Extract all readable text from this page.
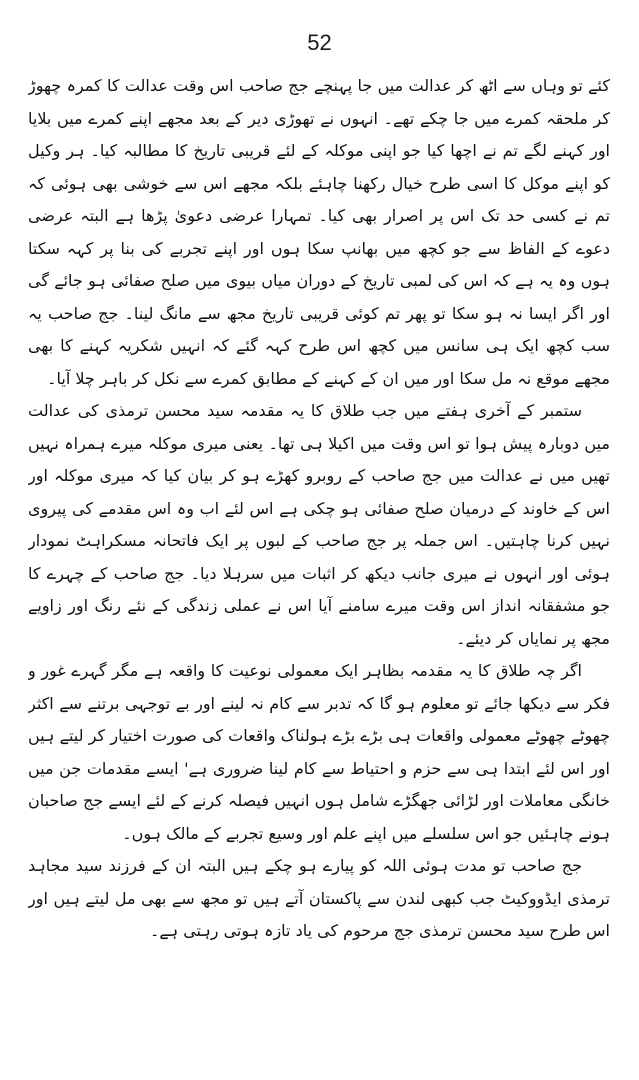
52

کئے تو وہاں سے اٹھ کر عدالت میں جا پہنچے جج صاحب اس وقت عدالت کا کمرہ چھوڑ کر ملحقہ کمرے میں جا چکے تھے۔ انہوں نے تھوڑی دیر کے بعد مجھے اپنے کمرے میں بلایا اور کہنے لگے تم نے اچھا کیا جو اپنی موکلہ کے لئے قریبی تاریخ کا مطالبہ کیا۔ ہر وکیل کو اپنے موکل کا اسی طرح خیال رکھنا چاہئے بلکہ مجھے اس سے خوشی بھی ہوئی کہ تم نے کسی حد تک اس پر اصرار بھی کیا۔ تمہارا عرضی دعویٰ پڑھا ہے البتہ عرضی دعوے کے الفاظ سے جو کچھ میں بھانپ سکا ہوں اور اپنے تجربے کی بنا پر کہہ سکتا ہوں وہ یہ ہے کہ اس کی لمبی تاریخ کے دوران میاں بیوی میں صلح صفائی ہو جائے گی اور اگر ایسا نہ ہو سکا تو پھر تم کوئی قریبی تاریخ مجھ سے مانگ لینا۔ جج صاحب یہ سب کچھ ایک ہی سانس میں کچھ اس طرح کہہ گئے کہ انہیں شکریہ کہنے کا بھی مجھے موقع نہ مل سکا اور میں ان کے کہنے کے مطابق کمرے سے نکل کر باہر چلا آیا۔

ستمبر کے آخری ہفتے میں جب طلاق کا یہ مقدمہ سید محسن ترمذی کی عدالت میں دوبارہ پیش ہوا تو اس وقت میں اکیلا ہی تھا۔ یعنی میری موکلہ میرے ہمراہ نہیں تھیں میں نے عدالت میں جج صاحب کے روبرو کھڑے ہو کر بیان کیا کہ میری موکلہ اور اس کے خاوند کے درمیان صلح صفائی ہو چکی ہے اس لئے اب وہ اس مقدمے کی پیروی نہیں کرنا چاہتیں۔ اس جملہ پر جج صاحب کے لبوں پر ایک فاتحانہ مسکراہٹ نمودار ہوئی اور انہوں نے میری جانب دیکھ کر اثبات میں سرہلا دیا۔ جج صاحب کے چہرے کا جو مشفقانہ انداز اس وقت میرے سامنے آیا اس نے عملی زندگی کے نئے رنگ اور زاویے مجھ پر نمایاں کر دیئے۔

اگر چہ طلاق کا یہ مقدمہ بظاہر ایک معمولی نوعیت کا واقعہ ہے مگر گہرے غور و فکر سے دیکھا جائے تو معلوم ہو گا کہ تدبر سے کام نہ لینے اور بے توجہی برتنے سے اکثر چھوٹے چھوٹے معمولی واقعات ہی بڑے بڑے ہولناک واقعات کی صورت اختیار کر لیتے ہیں اور اس لئے ابتدا ہی سے حزم و احتیاط سے کام لینا ضروری ہے' ایسے مقدمات جن میں خانگی معاملات اور لڑائی جھگڑے شامل ہوں انہیں فیصلہ کرنے کے لئے ایسے جج صاحبان ہونے چاہئیں جو اس سلسلے میں اپنے علم اور وسیع تجربے کے مالک ہوں۔

جج صاحب تو مدت ہوئی اللہ کو پیارے ہو چکے ہیں البتہ ان کے فرزند سید مجاہد ترمذی ایڈووکیٹ جب کبھی لندن سے پاکستان آتے ہیں تو مجھ سے بھی مل لیتے ہیں اور اس طرح سید محسن ترمذی جج مرحوم کی یاد تازہ ہوتی رہتی ہے۔
